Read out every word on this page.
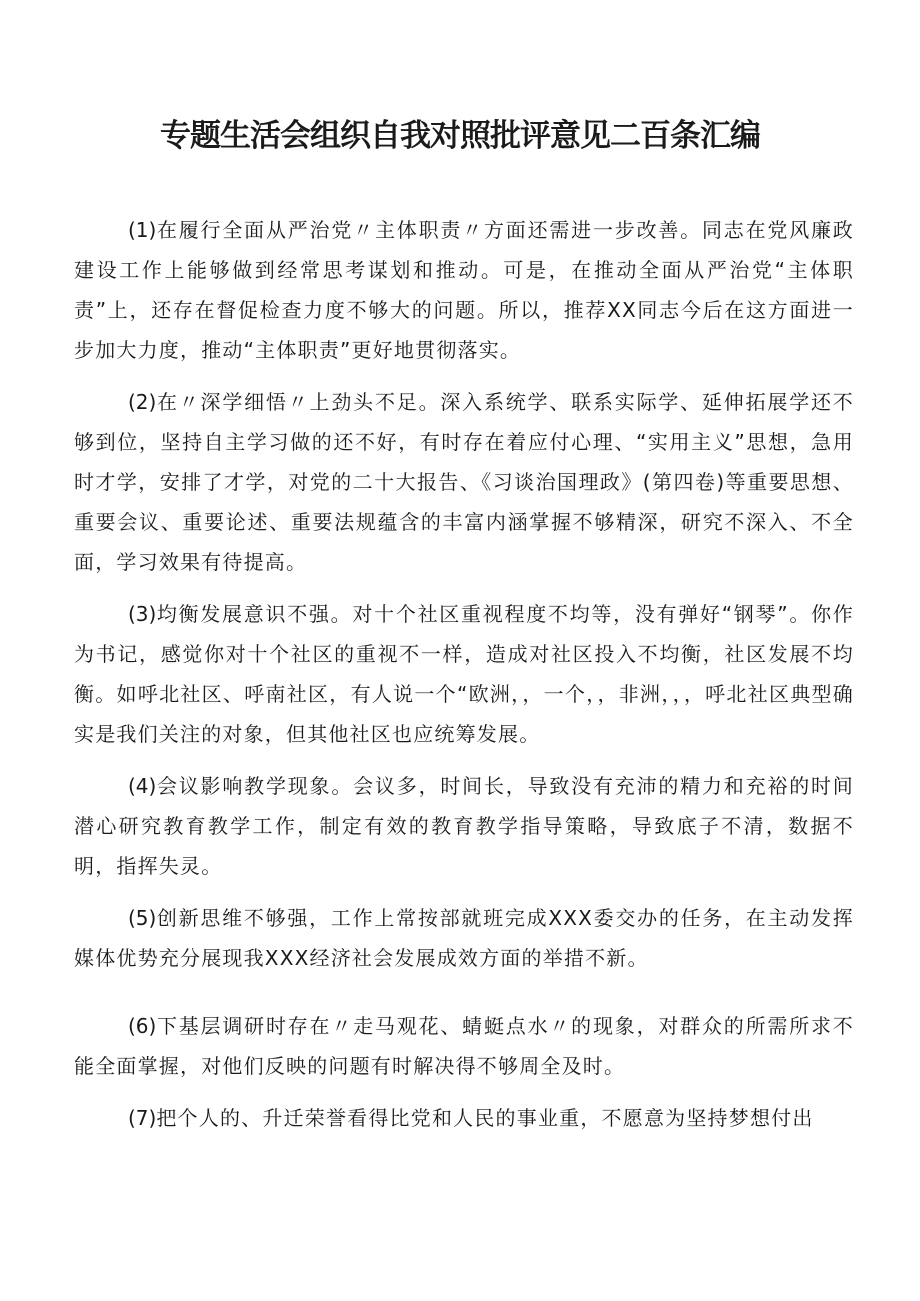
专题生活会组织自我对照批评意见二百条汇编

(1)在履行全面从严治党〃主体职责〃方面还需进一步改善。同志在党风廉政建设工作上能够做到经常思考谋划和推动。可是，在推动全面从严治党“主体职责”上，还存在督促检查力度不够大的问题。所以，推荐XX同志今后在这方面进一步加大力度，推动“主体职责”更好地贯彻落实。

(2)在〃深学细悟〃上劲头不足。深入系统学、联系实际学、延伸拓展学还不够到位，坚持自主学习做的还不好，有时存在着应付心理、“实用主义”思想，急用时才学，安排了才学，对党的二十大报告、《习谈治国理政》(第四卷)等重要思想、重要会议、重要论述、重要法规蕴含的丰富内涵掌握不够精深，研究不深入、不全面，学习效果有待提高。

(3)均衡发展意识不强。对十个社区重视程度不均等，没有弹好“钢琴”。你作为书记，感觉你对十个社区的重视不一样，造成对社区投入不均衡，社区发展不均衡。如呼北社区、呼南社区，有人说一个“欧洲，，一个，，非洲，，，呼北社区典型确实是我们关注的对象，但其他社区也应统筹发展。

(4)会议影响教学现象。会议多，时间长，导致没有充沛的精力和充裕的时间潜心研究教育教学工作，制定有效的教育教学指导策略，导致底子不清，数据不明，指挥失灵。

(5)创新思维不够强，工作上常按部就班完成XXX委交办的任务，在主动发挥媒体优势充分展现我XXX经济社会发展成效方面的举措不新。

(6)下基层调研时存在〃走马观花、蜻蜓点水〃的现象，对群众的所需所求不能全面掌握，对他们反映的问题有时解决得不够周全及时。

(7)把个人的、升迁荣誉看得比党和人民的事业重，不愿意为坚持梦想付出
